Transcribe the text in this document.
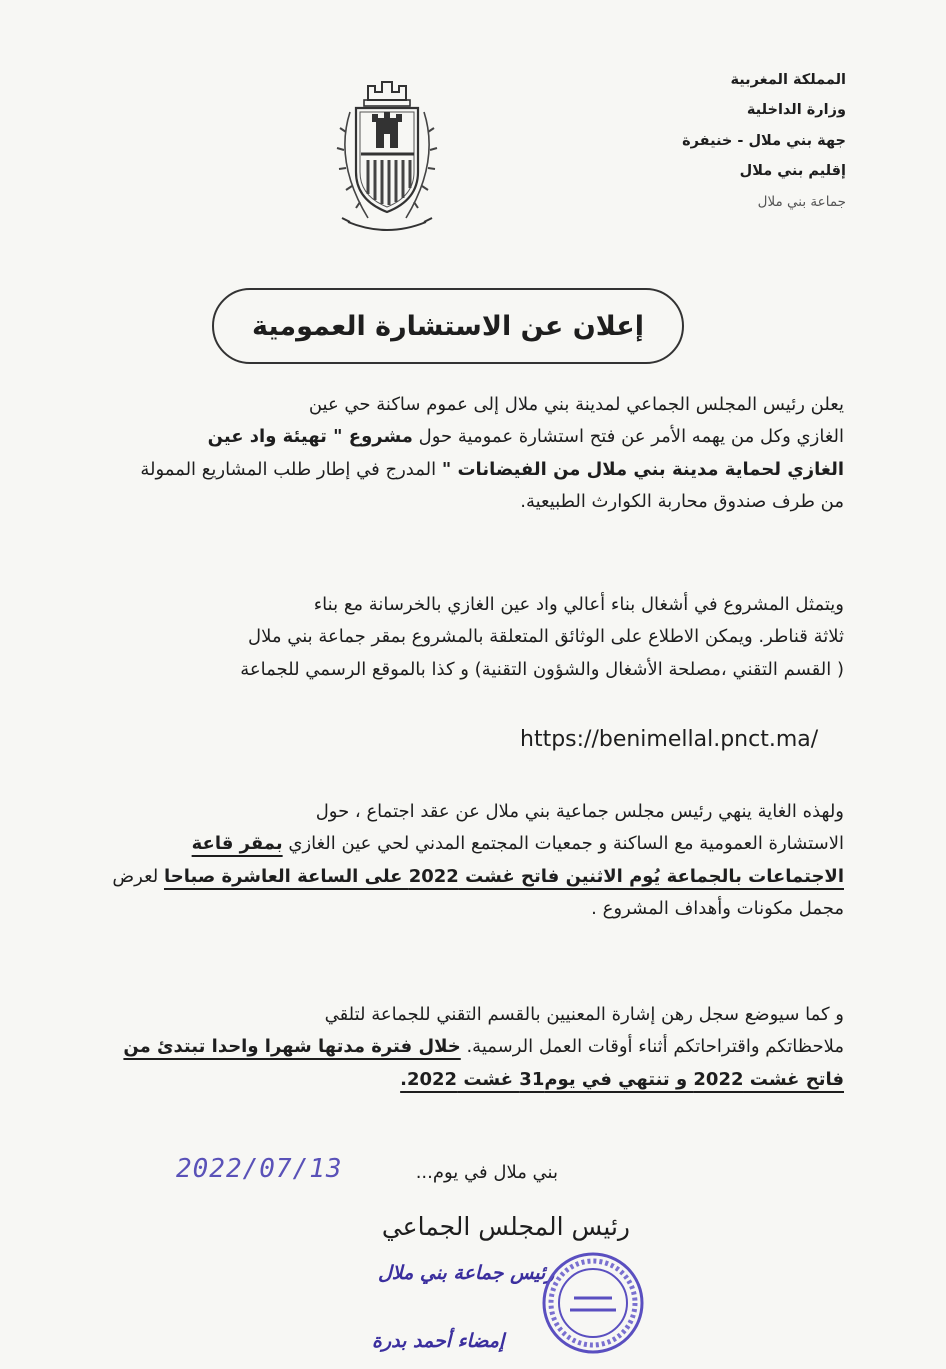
المملكة المغربية
وزارة الداخلية
جهة بني ملال - خنيفرة
إقليم بني ملال
جماعة بني ملال
إعلان عن الاستشارة العمومية
يعلن رئيس المجلس الجماعي لمدينة بني ملال إلى عموم ساكنة حي عين
الغازي وكل من يهمه الأمر عن فتح استشارة عمومية حول مشروع " تهيئة واد عين
الغازي لحماية مدينة بني ملال من الفيضانات " المدرج في إطار طلب المشاريع الممولة
من طرف صندوق محاربة الكوارث الطبيعية.
ويتمثل المشروع في أشغال بناء أعالي واد عين الغازي بالخرسانة مع بناء
ثلاثة قناطر. ويمكن الاطلاع على الوثائق المتعلقة بالمشروع بمقر جماعة بني ملال
( القسم التقني ،مصلحة الأشغال والشؤون التقنية) و كذا بالموقع الرسمي للجماعة
https://benimellal.pnct.ma/
ولهذه الغاية ينهي رئيس مجلس جماعية بني ملال عن عقد اجتماع ، حول
الاستشارة العمومية مع الساكنة و جمعيات المجتمع المدني لحي عين الغازي بمقر قاعة
الاجتماعات بالجماعة يُوم الاثنين فاتح غشت 2022 على الساعة العاشرة صباحا لعرض
مجمل مكونات وأهداف المشروع .
و كما سيوضع سجل رهن إشارة المعنيين بالقسم التقني للجماعة لتلقي
ملاحظاتكم واقتراحاتكم أثناء أوقات العمل الرسمية. خلال فترة مدتها شهرا واحدا تبتدئ من
فاتح غشت 2022 و تنتهي في يوم31 غشت 2022.
بني ملال في يوم...
2022/07/13
رئيس المجلس الجماعي
رئيس جماعة بني ملال
إمضاء أحمد بدرة
